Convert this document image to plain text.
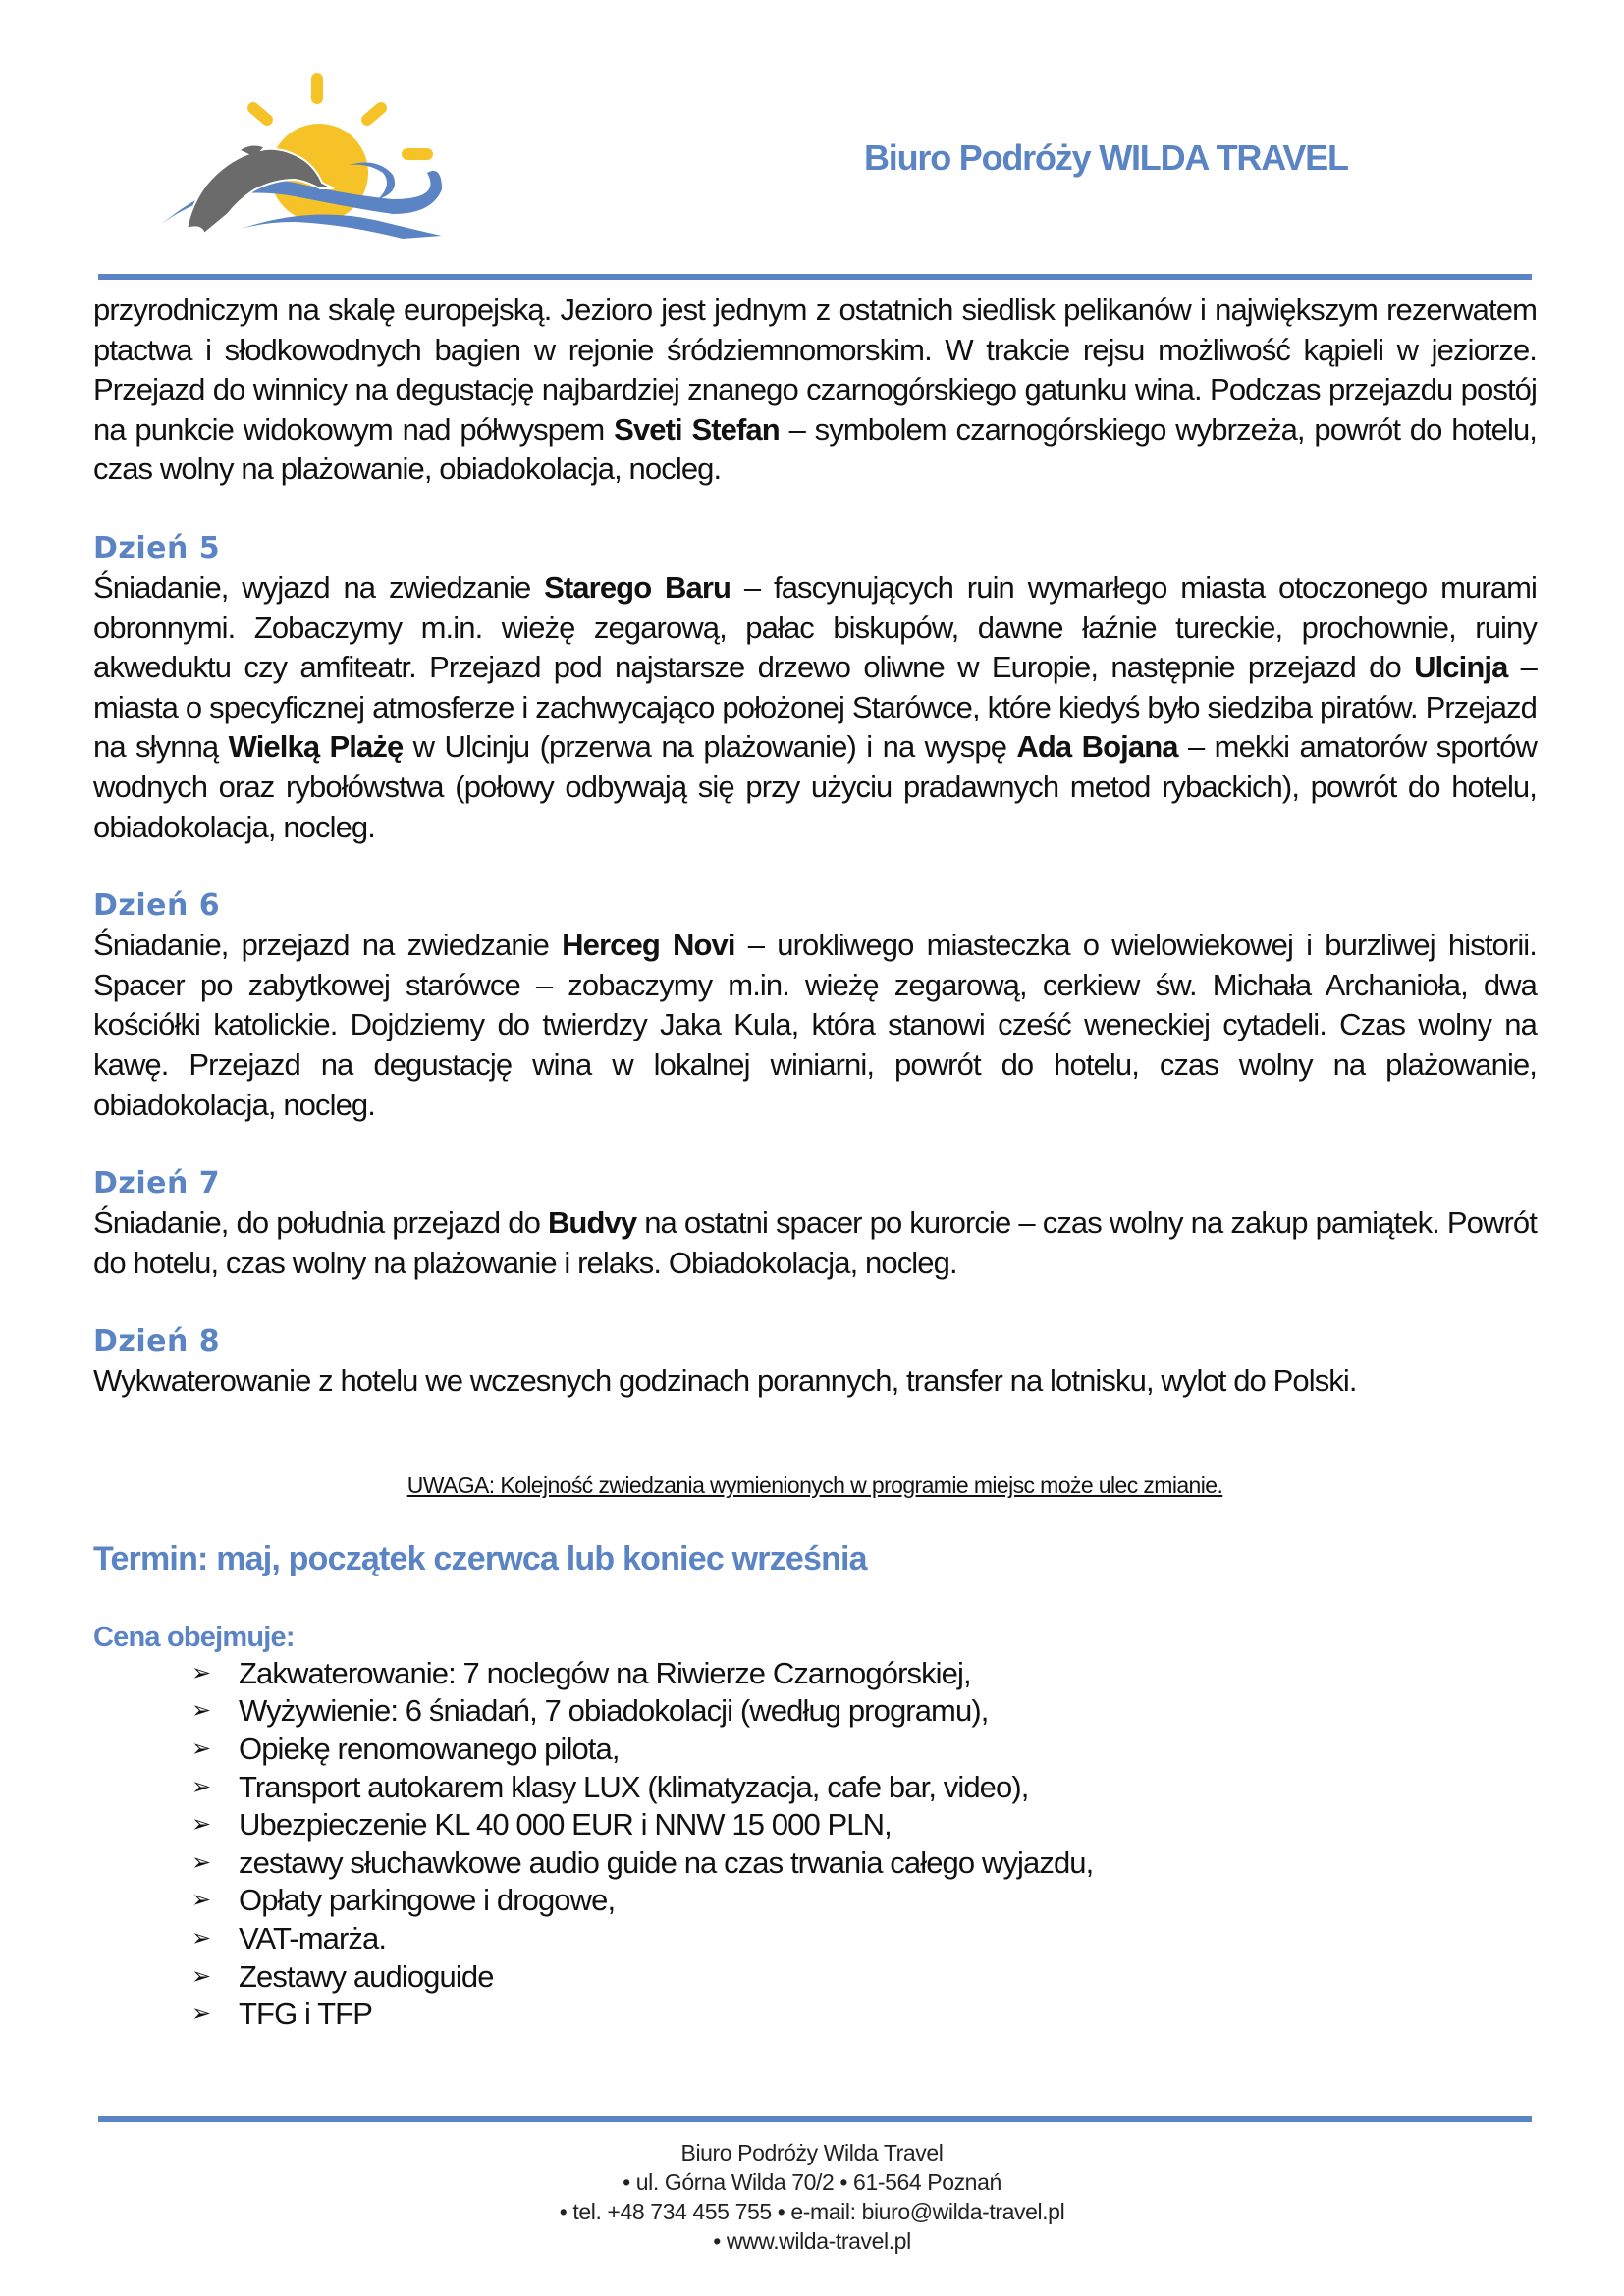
Biuro Podróży WILDA TRAVEL

przyrodniczym na skalę europejską. Jezioro jest jednym z ostatnich siedlisk pelikanów i największym rezerwatem ptactwa i słodkowodnych bagien w rejonie śródziemnomorskim. W trakcie rejsu możliwość kąpieli w jeziorze. Przejazd do winnicy na degustację najbardziej znanego czarnogórskiego gatunku wina. Podczas przejazdu postój na punkcie widokowym nad półwyspem Sveti Stefan – symbolem czarnogórskiego wybrzeża, powrót do hotelu, czas wolny na plażowanie, obiadokolacja, nocleg.

Dzień 5

Śniadanie, wyjazd na zwiedzanie Starego Baru – fascynujących ruin wymarłego miasta otoczonego murami obronnymi. Zobaczymy m.in. wieżę zegarową, pałac biskupów, dawne łaźnie tureckie, prochownie, ruiny akweduktu czy amfiteatr. Przejazd pod najstarsze drzewo oliwne w Europie, następnie przejazd do Ulcinja – miasta o specyficznej atmosferze i zachwycająco położonej Starówce, które kiedyś było siedziba piratów. Przejazd na słynną Wielką Plażę w Ulcinju (przerwa na plażowanie) i na wyspę Ada Bojana – mekki amatorów sportów wodnych oraz rybołówstwa (połowy odbywają się przy użyciu pradawnych metod rybackich), powrót do hotelu, obiadokolacja, nocleg.

Dzień 6

Śniadanie, przejazd na zwiedzanie Herceg Novi – urokliwego miasteczka o wielowiekowej i burzliwej historii. Spacer po zabytkowej starówce – zobaczymy m.in. wieżę zegarową, cerkiew św. Michała Archanioła, dwa kościółki katolickie. Dojdziemy do twierdzy Jaka Kula, która stanowi cześć weneckiej cytadeli. Czas wolny na kawę. Przejazd na degustację wina w lokalnej winiarni, powrót do hotelu, czas wolny na plażowanie, obiadokolacja, nocleg.

Dzień 7

Śniadanie, do południa przejazd do Budvy na ostatni spacer po kurorcie – czas wolny na zakup pamiątek. Powrót do hotelu, czas wolny na plażowanie i relaks. Obiadokolacja, nocleg.

Dzień 8

Wykwaterowanie z hotelu we wczesnych godzinach porannych, transfer na lotnisku, wylot do Polski.

UWAGA: Kolejność zwiedzania wymienionych w programie miejsc może ulec zmianie.
Termin: maj, początek czerwca lub koniec września
Cena obejmuje:
➢ Zakwaterowanie: 7 noclegów na Riwierze Czarnogórskiej,
➢ Wyżywienie: 6 śniadań, 7 obiadokolacji (według programu),
➢ Opiekę renomowanego pilota,
➢ Transport autokarem klasy LUX (klimatyzacja, cafe bar, video),
➢ Ubezpieczenie KL 40 000 EUR i NNW 15 000 PLN,
➢ zestawy słuchawkowe audio guide na czas trwania całego wyjazdu,
➢ Opłaty parkingowe i drogowe,
➢ VAT-marża.
➢ Zestawy audioguide
➢ TFG i TFP
Biuro Podróży Wilda Travel
• ul. Górna Wilda 70/2 • 61-564 Poznań
• tel. +48 734 455 755 • e-mail: biuro@wilda-travel.pl
• www.wilda-travel.pl
